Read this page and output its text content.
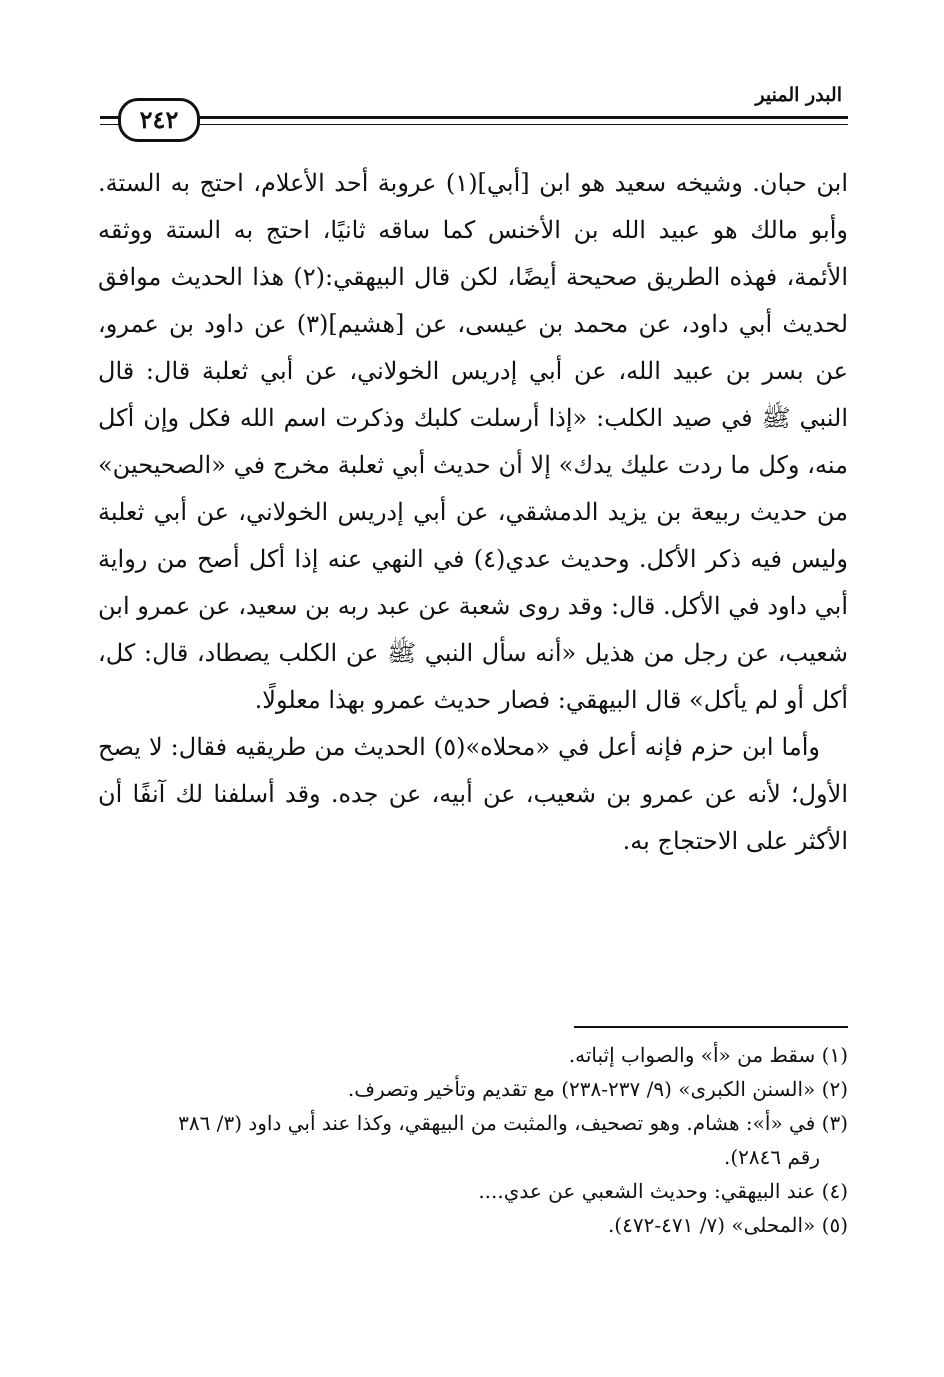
البدر المنير
٢٤٢

ابن حبان. وشيخه سعيد هو ابن [أبي](١) عروبة أحد الأعلام، احتج به الستة. وأبو مالك هو عبيد الله بن الأخنس كما ساقه ثانيًا، احتج به الستة ووثقه الأئمة، فهذه الطريق صحيحة أيضًا، لكن قال البيهقي:(٢) هذا الحديث موافق لحديث أبي داود، عن محمد بن عيسى، عن [هشيم](٣) عن داود بن عمرو، عن بسر بن عبيد الله، عن أبي إدريس الخولاني، عن أبي ثعلبة قال: قال النبي ﷺ في صيد الكلب: «إذا أرسلت كلبك وذكرت اسم الله فكل وإن أكل منه، وكل ما ردت عليك يدك» إلا أن حديث أبي ثعلبة مخرج في «الصحيحين» من حديث ربيعة بن يزيد الدمشقي، عن أبي إدريس الخولاني، عن أبي ثعلبة وليس فيه ذكر الأكل. وحديث عدي(٤) في النهي عنه إذا أكل أصح من رواية أبي داود في الأكل. قال: وقد روى شعبة عن عبد ربه بن سعيد، عن عمرو ابن شعيب، عن رجل من هذيل «أنه سأل النبي ﷺ عن الكلب يصطاد، قال: كل، أكل أو لم يأكل» قال البيهقي: فصار حديث عمرو بهذا معلولًا.

وأما ابن حزم فإنه أعل في «محلاه»(٥) الحديث من طريقيه فقال: لا يصح الأول؛ لأنه عن عمرو بن شعيب، عن أبيه، عن جده. وقد أسلفنا لك آنفًا أن الأكثر على الاحتجاج به.

(١) سقط من «أ» والصواب إثباته.
(٢) «السنن الكبرى» (٩/ ٢٣٧-٢٣٨) مع تقديم وتأخير وتصرف.
(٣) في «أ»: هشام. وهو تصحيف، والمثبت من البيهقي، وكذا عند أبي داود (٣/ ٣٨٦
رقم ٢٨٤٦).
(٤) عند البيهقي: وحديث الشعبي عن عدي....
(٥) «المحلى» (٧/ ٤٧١-٤٧٢).
